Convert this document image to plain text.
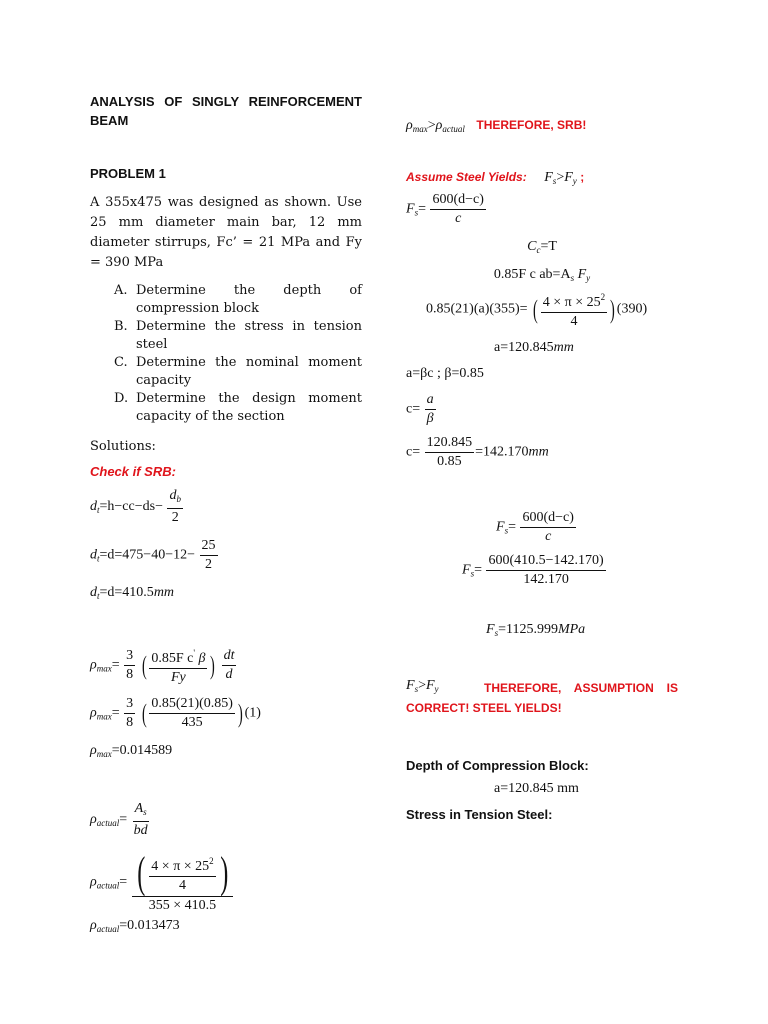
ANALYSIS OF SINGLY REINFORCEMENT
BEAM

PROBLEM 1

A 355x475 was designed as shown. Use 25 mm diameter main bar, 12 mm diameter stirrups, Fc’ = 21 MPa and Fy = 390 MPa

A. Determine the depth of compression block
B. Determine the stress in tension steel
C. Determine the nominal moment capacity
D. Determine the design moment capacity of the section

Solutions:

Check if SRB:

$d_t=h-cc-ds- \frac{d_b}{2}$
$d_t=d=475-40-12- \frac{25}{2}$
$d_t=d=410.5mm$
$\rho_{max}= \frac{3}{8}$ ( $\frac{0.85F c' \beta}{Fy}$ ) $\frac{dt}{d}$
$\rho_{max}= \frac{3}{8}$ ( $\frac{0.85(21)(0.85)}{435}$ ) (1)
$\rho_{max}=0.014589$
$\rho_{actual}= \frac{A_s}{bd}$
$\rho_{actual}= \frac{( \frac{4 \times \pi \times 25^2}{4} )}{355 \times 410.5}$
$\rho_{actual}=0.013473$
$\rho_{max}>\rho_{actual}$ THEREFORE, SRB!
Assume Steel Yields: $F_s>F_y$ ;
$F_s= \frac{600(d-c)}{c}$
$C_c=T$
0.85F c $ab=A_s$ $F_y$
0.85(21)(a)(355)= ( $\frac{4 \times \pi \times 25^2}{4}$ ) (390)
a=120.845mm
a=βc ; β=0.85
$c= \frac{a}{\beta}$
$c= \frac{120.845}{0.85} =142.170mm$
$F_s= \frac{600(d-c)}{c}$
$F_s= \frac{600(410.5-142.170)}{142.170}$
$F_s=1125.999MPa$
$F_s>F_y$	THEREFORE, ASSUMPTION IS CORRECT! STEEL YIELDS!

Depth of Compression Block:

a=120.845 mm

Stress in Tension Steel:
